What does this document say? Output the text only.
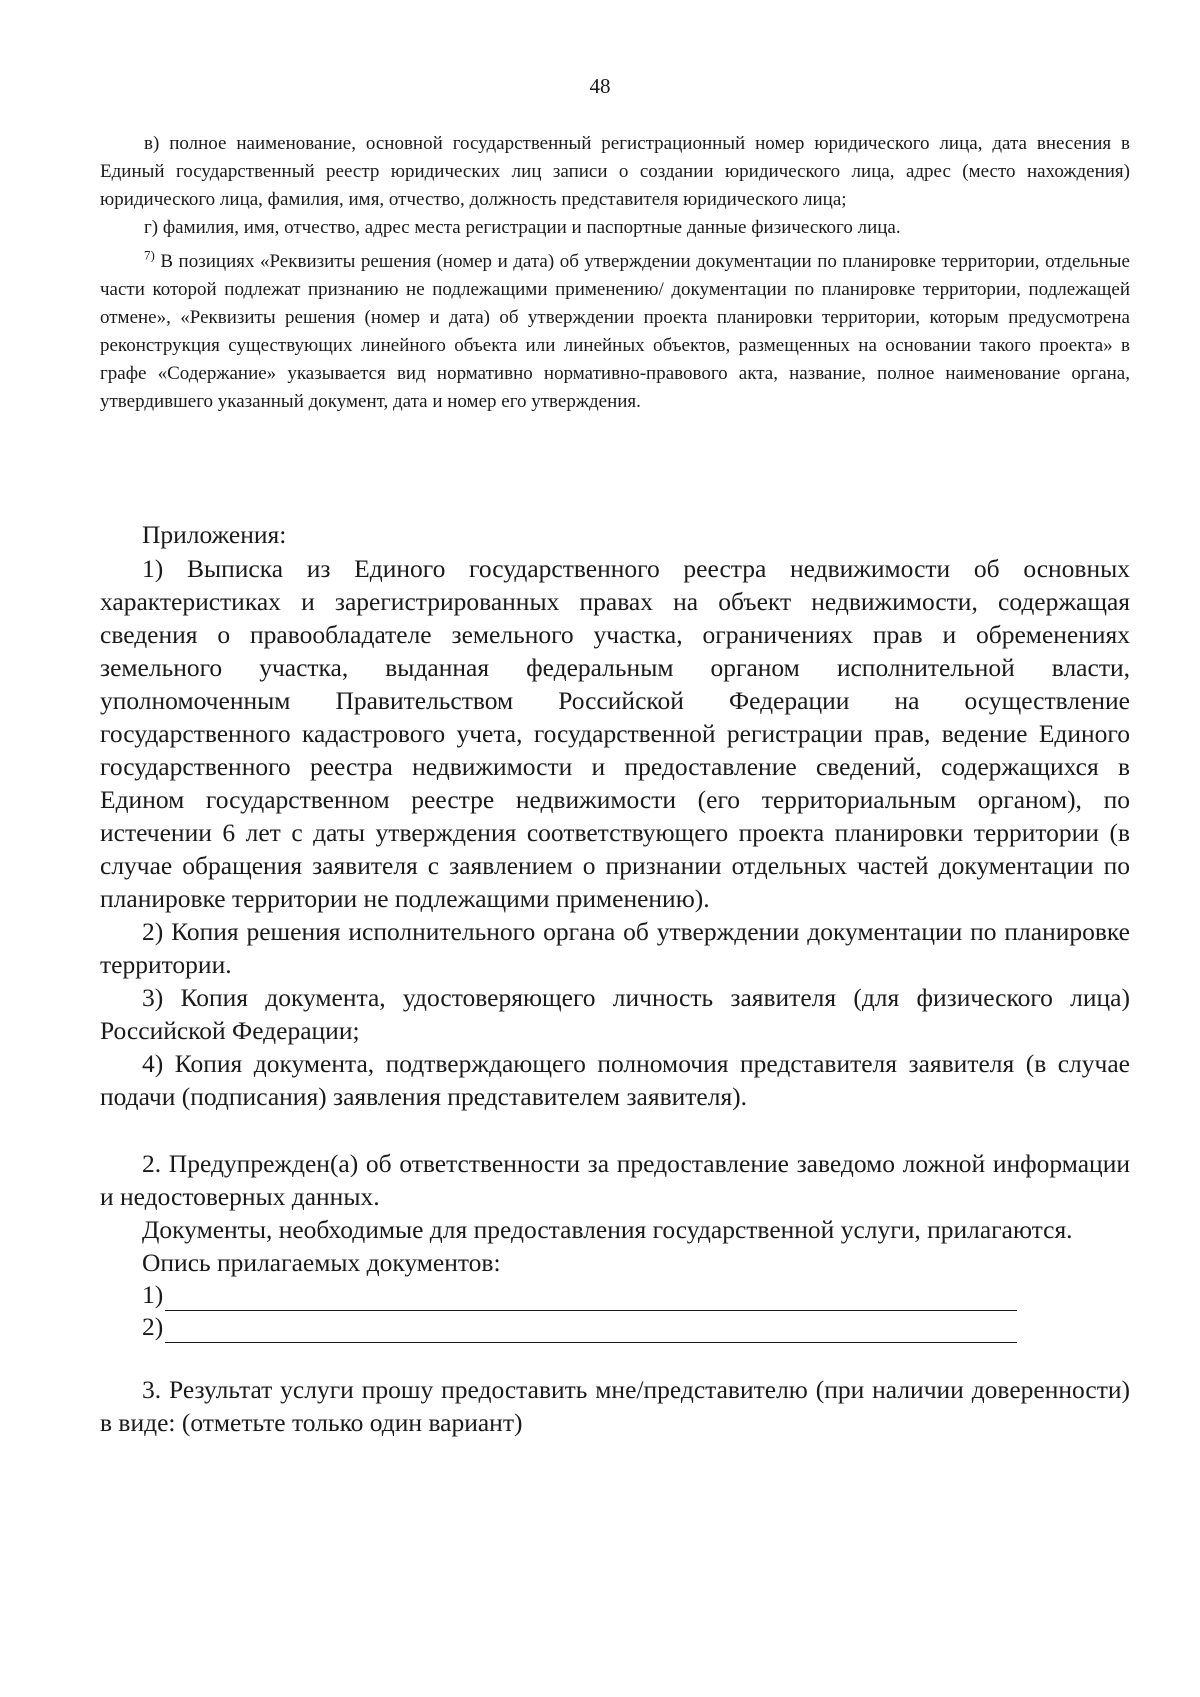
48

в) полное наименование, основной государственный регистрационный номер юридического лица, дата внесения в Единый государственный реестр юридических лиц записи о создании юридического лица, адрес (место нахождения) юридического лица, фамилия, имя, отчество, должность представителя юридического лица;

г) фамилия, имя, отчество, адрес места регистрации и паспортные данные физического лица.

$^{7)}$ В позициях «Реквизиты решения (номер и дата) об утверждении документации по планировке территории, отдельные части которой подлежат признанию не подлежащими применению/ документации по планировке территории, подлежащей отмене», «Реквизиты решения (номер и дата) об утверждении проекта планировки территории, которым предусмотрена реконструкция существующих линейного объекта или линейных объектов, размещенных на основании такого проекта» в графе «Содержание» указывается вид нормативно нормативно-правового акта, название, полное наименование органа, утвердившего указанный документ, дата и номер его утверждения.

Приложения:

1) Выписка из Единого государственного реестра недвижимости об основных характеристиках и зарегистрированных правах на объект недвижимости, содержащая сведения о правообладателе земельного участка, ограничениях прав и обременениях земельного участка, выданная федеральным органом исполнительной власти, уполномоченным Правительством Российской Федерации на осуществление государственного кадастрового учета, государственной регистрации прав, ведение Единого государственного реестра недвижимости и предоставление сведений, содержащихся в Едином государственном реестре недвижимости (его территориальным органом), по истечении 6 лет с даты утверждения соответствующего проекта планировки территории (в случае обращения заявителя с заявлением о признании отдельных частей документации по планировке территории не подлежащими применению).

2) Копия решения исполнительного органа об утверждении документации по планировке территории.

3) Копия документа, удостоверяющего личность заявителя (для физического лица) Российской Федерации;

4) Копия документа, подтверждающего полномочия представителя заявителя (в случае подачи (подписания) заявления представителем заявителя).

2. Предупрежден(а) об ответственности за предоставление заведомо ложной информации и недостоверных данных.

Документы, необходимые для предоставления государственной услуги, прилагаются.

Опись прилагаемых документов:

1)
2)

3. Результат услуги прошу предоставить мне/представителю (при наличии доверенности) в виде: (отметьте только один вариант)
